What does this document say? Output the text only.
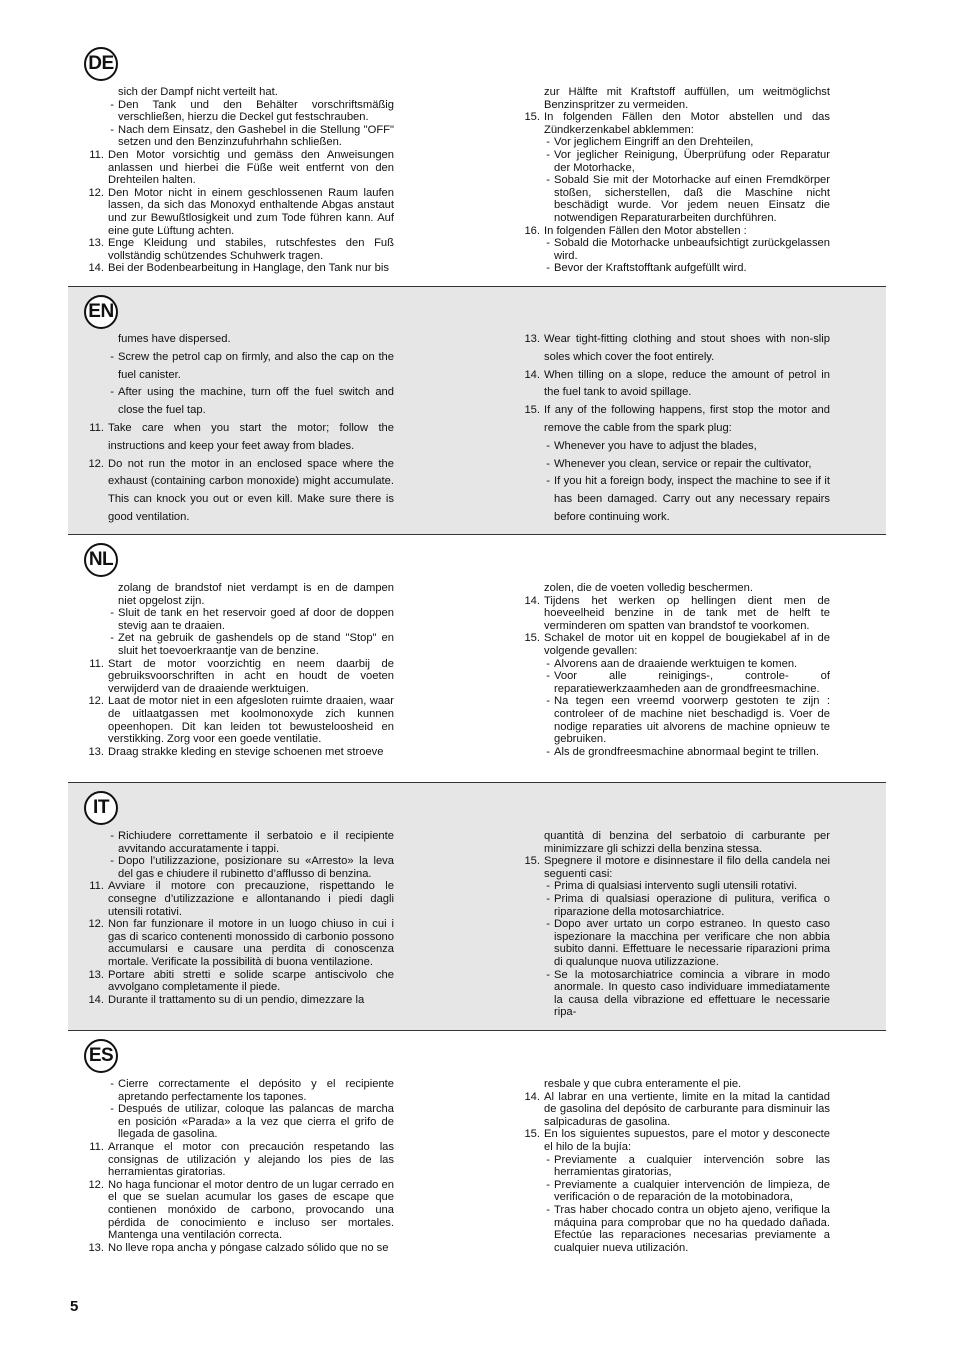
DE
sich der Dampf nicht verteilt hat.
- Den Tank und den Behälter vorschriftsmäßig verschließen, hierzu die Deckel gut festschrauben.
- Nach dem Einsatz, den Gashebel in die Stellung "OFF" setzen und den Benzinzufuhrhahn schließen.
11. Den Motor vorsichtig und gemäss den Anweisungen anlassen und hierbei die Füße weit entfernt von den Drehteilen halten.
12. Den Motor nicht in einem geschlossenen Raum laufen lassen, da sich das Monoxyd enthaltende Abgas anstaut und zur Bewußtlosigkeit und zum Tode führen kann. Auf eine gute Lüftung achten.
13. Enge Kleidung und stabiles, rutschfestes den Fuß vollständig schützendes Schuhwerk tragen.
14. Bei der Bodenbearbeitung in Hanglage, den Tank nur bis
zur Hälfte mit Kraftstoff auffüllen, um weitmöglichst Benzinspritzer zu vermeiden.
15. In folgenden Fällen den Motor abstellen und das Zündkerzenkabel abklemmen:
- Vor jeglichem Eingriff an den Drehteilen,
- Vor jeglicher Reinigung, Überprüfung oder Reparatur der Motorhacke,
- Sobald Sie mit der Motorhacke auf einen Fremdkörper stoßen, sicherstellen, daß die Maschine nicht beschädigt wurde. Vor jedem neuen Einsatz die notwendigen Reparaturarbeiten durchführen.
16. In folgenden Fällen den Motor abstellen :
- Sobald die Motorhacke unbeaufsichtigt zurückgelassen wird.
- Bevor der Kraftstofftank aufgefüllt wird.
EN
fumes have dispersed.
- Screw the petrol cap on firmly, and also the cap on the fuel canister.
- After using the machine, turn off the fuel switch and close the fuel tap.
11. Take care when you start the motor; follow the instructions and keep your feet away from blades.
12. Do not run the motor in an enclosed space where the exhaust (containing carbon monoxide) might accumulate. This can knock you out or even kill. Make sure there is good ventilation.
13. Wear tight-fitting clothing and stout shoes with non-slip soles which cover the foot entirely.
14. When tilling on a slope, reduce the amount of petrol in the fuel tank to avoid spillage.
15. If any of the following happens, first stop the motor and remove the cable from the spark plug:
- Whenever you have to adjust the blades,
- Whenever you clean, service or repair the cultivator,
- If you hit a foreign body, inspect the machine to see if it has been damaged. Carry out any necessary repairs before continuing work.
NL
zolang de brandstof niet verdampt is en de dampen niet opgelost zijn.
- Sluit de tank en het reservoir goed af door de doppen stevig aan te draaien.
- Zet na gebruik de gashendels op de stand "Stop" en sluit het toevoerkraantje van de benzine.
11. Start de motor voorzichtig en neem daarbij de gebruiksvoorschriften in acht en houdt de voeten verwijderd van de draaiende werktuigen.
12. Laat de motor niet in een afgesloten ruimte draaien, waar de uitlaatgassen met koolmonoxyde zich kunnen opeenhopen. Dit kan leiden tot bewusteloosheid en verstikking. Zorg voor een goede ventilatie.
13. Draag strakke kleding en stevige schoenen met stroeve
zolen, die de voeten volledig beschermen.
14. Tijdens het werken op hellingen dient men de hoeveelheid benzine in de tank met de helft te verminderen om spatten van brandstof te voorkomen.
15. Schakel de motor uit en koppel de bougiekabel af in de volgende gevallen:
- Alvorens aan de draaiende werktuigen te komen.
- Voor alle reinigings-, controle- of reparatiewerkzaamheden aan de grondfreesmachine.
- Na tegen een vreemd voorwerp gestoten te zijn : controleer of de machine niet beschadigd is. Voer de nodige reparaties uit alvorens de machine opnieuw te gebruiken.
- Als de grondfreesmachine abnormaal begint te trillen.
IT
- Richiudere correttamente il serbatoio e il recipiente avvitando accuratamente i tappi.
- Dopo l’utilizzazione, posizionare su «Arresto» la leva del gas e chiudere il rubinetto d’afflusso di benzina.
11. Avviare il motore con precauzione, rispettando le consegne d’utilizzazione e allontanando i piedi dagli utensili rotativi.
12. Non far funzionare il motore in un luogo chiuso in cui i gas di scarico contenenti monossido di carbonio possono accumularsi e causare una perdita di conoscenza mortale. Verificate la possibilità di buona ventilazione.
13. Portare abiti stretti e solide scarpe antiscivolo che avvolgano completamente il piede.
14. Durante il trattamento su di un pendio, dimezzare la
quantità di benzina del serbatoio di carburante per minimizzare gli schizzi della benzina stessa.
15. Spegnere il motore e disinnestare il filo della candela nei seguenti casi:
- Prima di qualsiasi intervento sugli utensili rotativi.
- Prima di qualsiasi operazione di pulitura, verifica o riparazione della motosarchiatrice.
- Dopo aver urtato un corpo estraneo. In questo caso ispezionare la macchina per verificare che non abbia subito danni. Effettuare le necessarie riparazioni prima di qualunque nuova utilizzazione.
- Se la motosarchiatrice comincia a vibrare in modo anormale. In questo caso individuare immediatamente la causa della vibrazione ed effettuare le necessarie ripa-
ES
- Cierre correctamente el depósito y el recipiente apretando perfectamente los tapones.
- Después de utilizar, coloque las palancas de marcha en posición «Parada» a la vez que cierra el grifo de llegada de gasolina.
11. Arranque el motor con precaución respetando las consignas de utilización y alejando los pies de las herramientas giratorias.
12. No haga funcionar el motor dentro de un lugar cerrado en el que se suelan acumular los gases de escape que contienen monóxido de carbono, provocando una pérdida de conocimiento e incluso ser mortales. Mantenga una ventilación correcta.
13. No lleve ropa ancha y póngase calzado sólido que no se
resbale y que cubra enteramente el pie.
14. Al labrar en una vertiente, limite en la mitad la cantidad de gasolina del depósito de carburante para disminuir las salpicaduras de gasolina.
15. En los siguientes supuestos, pare el motor y desconecte el hilo de la bujía:
- Previamente a cualquier intervención sobre las herramientas giratorias,
- Previamente a cualquier intervención de limpieza, de verificación o de reparación de la motobinadora,
- Tras haber chocado contra un objeto ajeno, verifique la máquina para comprobar que no ha quedado dañada. Efectúe las reparaciones necesarias previamente a cualquier nueva utilización.
5
